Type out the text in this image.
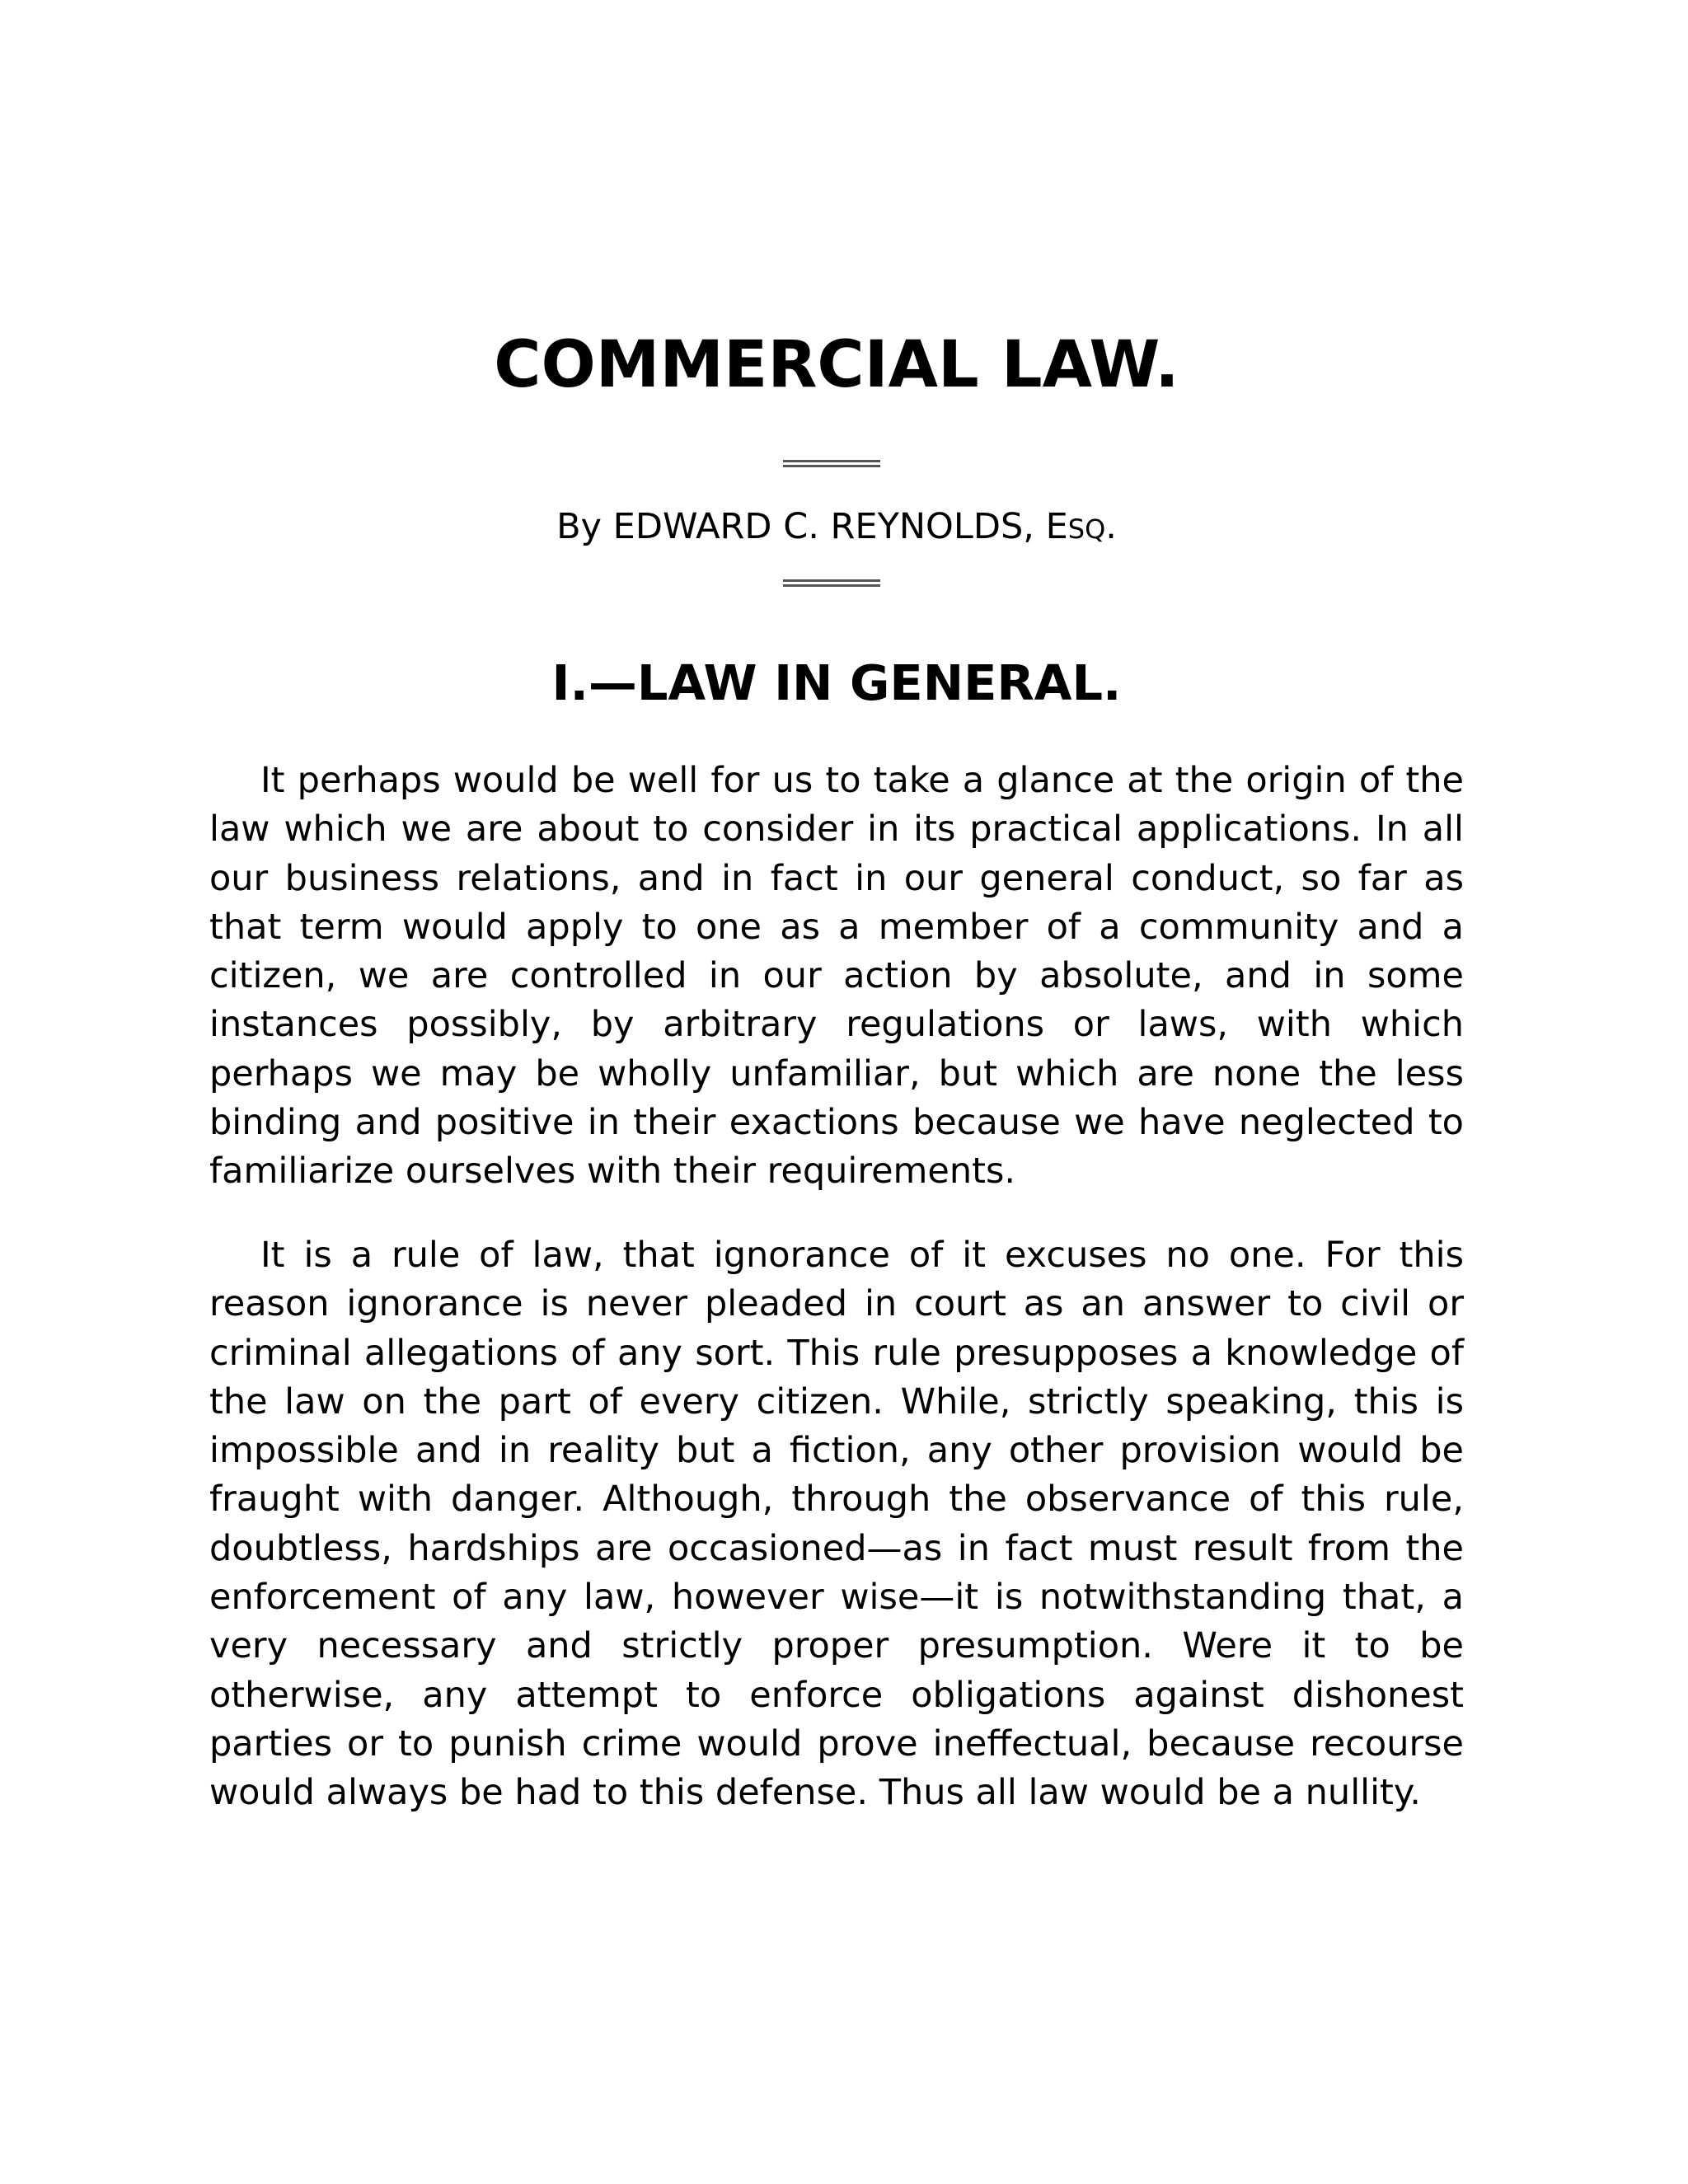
COMMERCIAL LAW.

By EDWARD C. REYNOLDS, ESQ.

I.—LAW IN GENERAL.

It perhaps would be well for us to take a glance at the origin of the law which we are about to consider in its practical applications. In all our business relations, and in fact in our general conduct, so far as that term would apply to one as a member of a community and a citizen, we are controlled in our action by absolute, and in some instances possibly, by arbitrary regulations or laws, with which perhaps we may be wholly unfamiliar, but which are none the less binding and positive in their exactions because we have neglected to familiarize ourselves with their requirements.

It is a rule of law, that ignorance of it excuses no one. For this reason ignorance is never pleaded in court as an answer to civil or criminal allegations of any sort. This rule presupposes a knowledge of the law on the part of every citizen. While, strictly speaking, this is impossible and in reality but a fiction, any other provision would be fraught with danger. Although, through the observance of this rule, doubtless, hardships are occasioned—as in fact must result from the enforcement of any law, however wise—it is notwithstanding that, a very necessary and strictly proper presumption. Were it to be otherwise, any attempt to enforce obligations against dishonest parties or to punish crime would prove ineffectual, because recourse would always be had to this defense. Thus all law would be a nullity.
